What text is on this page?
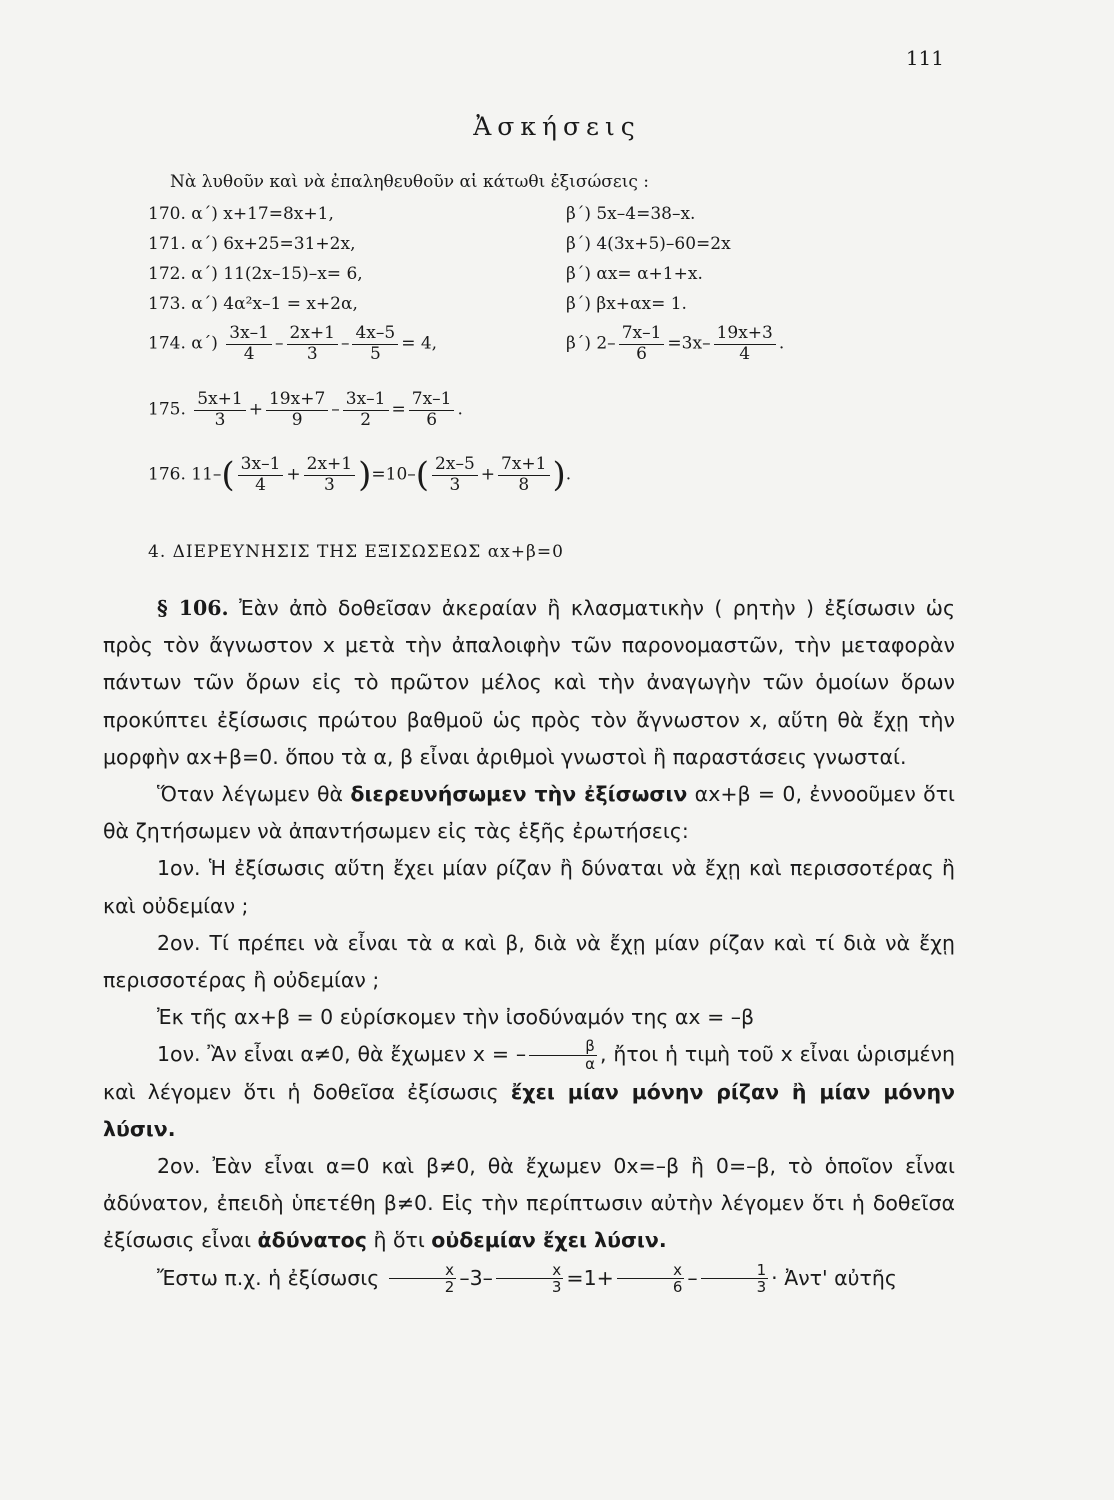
111
Ἀσκήσεις
Νὰ λυθοῦν καὶ νὰ ἐπαληθευθοῦν αἱ κάτωθι ἐξισώσεις :
170. α΄) x+17=8x+1,	β΄) 5x–4=38–x.
171. α΄) 6x+25=31+2x,	β΄) 4(3x+5)–60=2x
172. α΄) 11(2x–15)–x= 6,	β΄) αx= α+1+x.
173. α΄) 4α²x–1 = x+2α,	β΄) βx+αx= 1.
174. $\alpha΄) \frac{3x-1}{4} - \frac{2x+1}{3} - \frac{4x-5}{5} = 4$,	β΄) $2- \frac{7x-1}{6} =3x- \frac{19x+3}{4}$ .
175. $\frac{5x+1}{3} + \frac{19x+7}{9} - \frac{3x-1}{2} = \frac{7x-1}{6}$ .
176. $11-( \frac{3x-1}{4} + \frac{2x+1}{3} )=10-( \frac{2x-5}{3} + \frac{7x+1}{8}$ ).
4. ΔΙΕΡΕΥΝΗΣΙΣ ΤΗΣ ΕΞΙΣΩΣΕΩΣ αx+β=0

§ 106. Ἐὰν ἀπὸ δοθεῖσαν ἀκεραίαν ἢ κλασματικὴν ( ρητὴν ) ἐξίσωσιν ὡς πρὸς τὸν ἄγνωστον x μετὰ τὴν ἀπαλοιφὴν τῶν παρονομαστῶν, τὴν μεταφορὰν πάντων τῶν ὅρων εἰς τὸ πρῶτον μέλος καὶ τὴν ἀναγωγὴν τῶν ὁμοίων ὅρων προκύπτει ἐξίσωσις πρώτου βαθμοῦ ὡς πρὸς τὸν ἄγνωστον x, αὕτη θὰ ἔχῃ τὴν μορφὴν αx+β=0. ὅπου τὰ α, β εἶναι ἀριθμοὶ γνωστοὶ ἢ παραστάσεις γνωσταί.

Ὅταν λέγωμεν θὰ διερευνήσωμεν τὴν ἐξίσωσιν αx+β = 0, ἐννοοῦμεν ὅτι θὰ ζητήσωμεν νὰ ἀπαντήσωμεν εἰς τὰς ἑξῆς ἐρωτήσεις:

1ον. Ἡ ἐξίσωσις αὕτη ἔχει μίαν ρίζαν ἢ δύναται νὰ ἔχῃ καὶ περισσοτέρας ἢ καὶ οὐδεμίαν ;

2ον. Τί πρέπει νὰ εἶναι τὰ α καὶ β, διὰ νὰ ἔχῃ μίαν ρίζαν καὶ τί διὰ νὰ ἔχῃ περισσοτέρας ἢ οὐδεμίαν ;

Ἐκ τῆς αx+β = 0 εὑρίσκομεν τὴν ἰσοδύναμόν της αx = –β

1ον. Ἂν εἶναι α≠0, θὰ ἔχωμεν x = – $\frac{\beta}{\alpha}$ , ἤτοι ἡ τιμὴ τοῦ x εἶναι ὡρισμένη καὶ λέγομεν ὅτι ἡ δοθεῖσα ἐξίσωσις ἔχει μίαν μόνην ρίζαν ἢ μίαν μόνην λύσιν.

2ον. Ἐὰν εἶναι α=0 καὶ β≠0, θὰ ἔχωμεν 0x=–β ἢ 0=–β, τὸ ὁποῖον εἶναι ἀδύνατον, ἐπειδὴ ὑπετέθη β≠0. Εἰς τὴν περίπτωσιν αὐτὴν λέγομεν ὅτι ἡ δοθεῖσα ἐξίσωσις εἶναι ἀδύνατος ἢ ὅτι οὐδεμίαν ἔχει λύσιν.

Ἔστω π.χ. ἡ ἐξίσωσις $\frac{x}{2} -3- \frac{x}{3} =1+ \frac{x}{6} - \frac{1}{3}$ · Ἀντ' αὐτῆς
